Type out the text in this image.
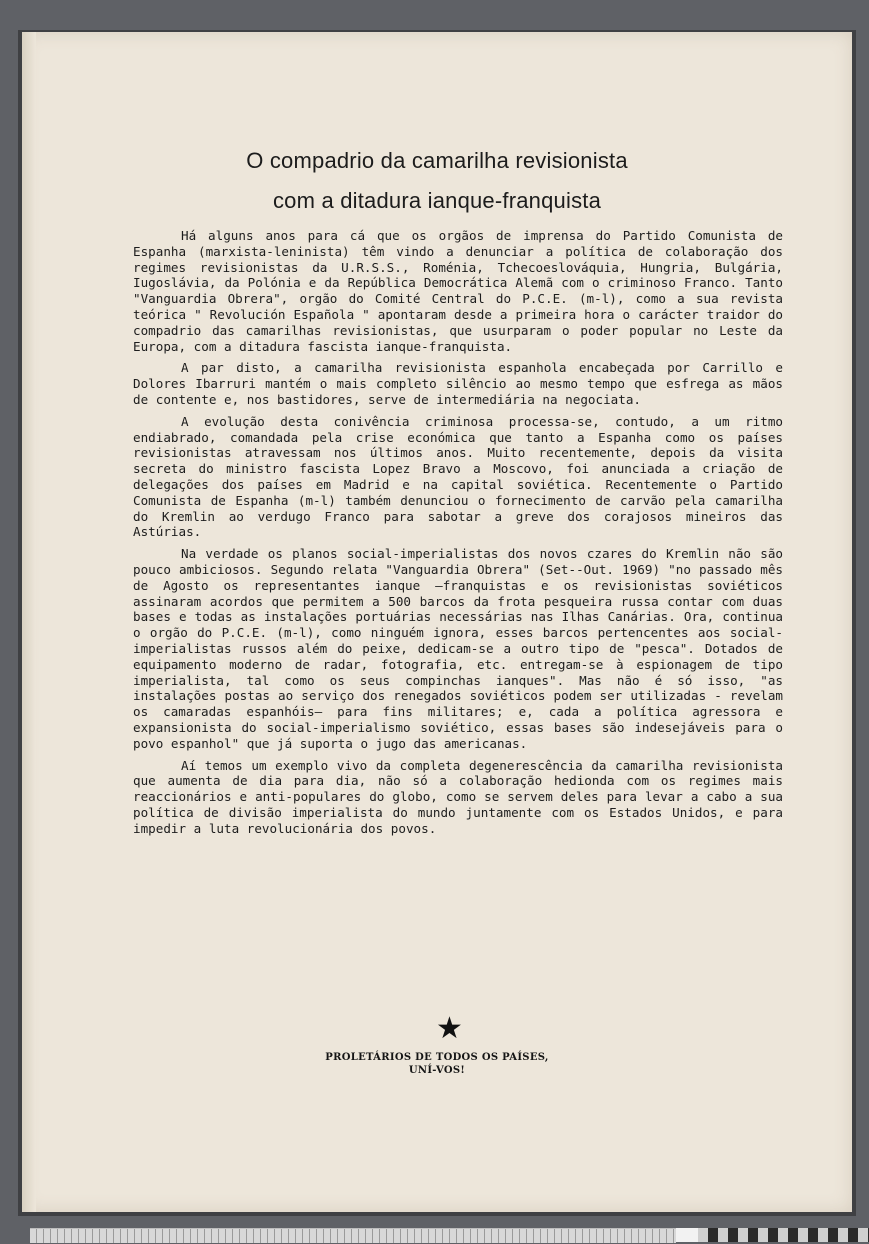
O compadrio da camarilha revisionista
com a ditadura ianque-franquista

Há alguns anos para cá que os orgãos de imprensa do Partido Comunista de Espanha (marxista-leninista) têm vindo a denunciar a política de colaboração dos regimes revisionistas da U.R.S.S., Roménia, Tchecoeslováquia, Hungria, Bulgária, Iugoslávia, da Polónia e da República Democrática Alemã com o criminoso Franco. Tanto "Vanguardia Obrera", orgão do Comité Central do P.C.E. (m-l), como a sua revista teórica " Revolución Española " apontaram desde a primeira hora o carácter traidor do compadrio das camarilhas revisionistas, que usurparam o poder popular no Leste da Europa, com a ditadura fascista ianque-franquista.

A par disto, a camarilha revisionista espanhola encabeçada por Carrillo e Dolores Ibarruri mantém o mais completo silêncio ao mesmo tempo que esfrega as mãos de contente e, nos bastidores, serve de intermediária na negociata.

A evolução desta conivência criminosa processa-se, contudo, a um ritmo endiabrado, comandada pela crise económica que tanto a Espanha como os países revisionistas atravessam nos últimos anos. Muito recentemente, depois da visita secreta do ministro fascista Lopez Bravo a Moscovo, foi anunciada a criação de delegações dos países em Madrid e na capital soviética. Recentemente o Partido Comunista de Espanha (m-l) também denunciou o fornecimento de carvão pela camarilha do Kremlin ao verdugo Franco para sabotar a greve dos corajosos mineiros das Astúrias.

Na verdade os planos social-imperialistas dos novos czares do Kremlin não são pouco ambiciosos. Segundo relata "Vanguardia Obrera" (Set--Out. 1969) "no passado mês de Agosto os representantes ianque —franquistas e os revisionistas soviéticos assinaram acordos que permitem a 500 barcos da frota pesqueira russa contar com duas bases e todas as instalações portuárias necessárias nas Ilhas Canárias. Ora, continua o orgão do P.C.E. (m-l), como ninguém ignora, esses barcos pertencentes aos social-imperialistas russos além do peixe, dedicam-se a outro tipo de "pesca". Dotados de equipamento moderno de radar, fotografia, etc. entregam-se à espionagem de tipo imperialista, tal como os seus compinchas ianques". Mas não é só isso, "as instalações postas ao serviço dos renegados soviéticos podem ser utilizadas - revelam os camaradas espanhóis— para fins militares; e, cada a política agressora e expansionista do social-imperialismo soviético, essas bases são indesejáveis para o povo espanhol" que já suporta o jugo das americanas.

Aí temos um exemplo vivo da completa degenerescência da camarilha revisionista que aumenta de dia para dia, não só a colaboração hedionda com os regimes mais reaccionários e anti-populares do globo, como se servem deles para levar a cabo a sua política de divisão imperialista do mundo juntamente com os Estados Unidos, e para impedir a luta revolucionária dos povos.

★
PROLETÁRIOS DE TODOS OS PAÍSES,
UNÍ-VOS!
